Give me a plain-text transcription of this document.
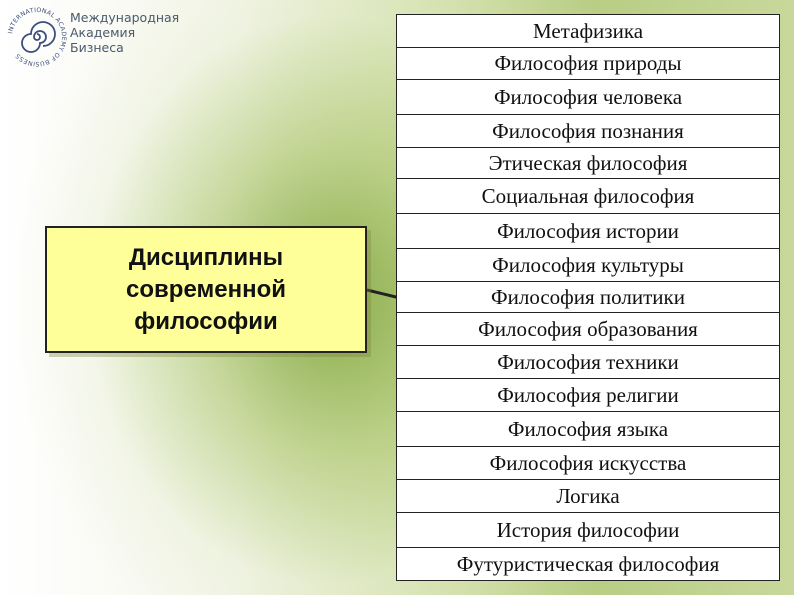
INTERNATIONAL ACADEMY OF BUSINESS
Международная
Академия
Бизнеса
Дисциплины
современной
философии
Метафизика
Философия природы
Философия человека
Философия познания
Этическая философия
Социальная философия
Философия истории
Философия культуры
Философия политики
Философия образования
Философия техники
Философия религии
Философия языка
Философия искусства
Логика
История философии
Футуристическая философия
